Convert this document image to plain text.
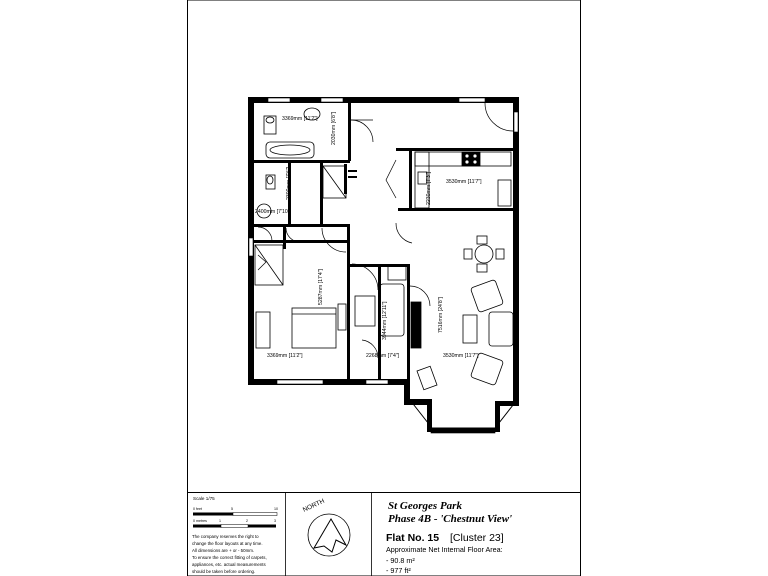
3369mm [11'2"]	2030mm [6'8"]
2300mm [7'6"]
2400mm [7'10"]
3530mm [11'7"]
2230mm [7'3"]
5287mm [17'4"]
3369mm [11'2"]
3944mm [12'11"]
2268mm [7'4"]
7516mm [24'8"]
3530mm [11'7"]
Scale 1/75
0 feet	5	10
0 metres	1	2	3
The company reserves the right to
change the floor layouts at any time.
All dimensions are + or - 50mm.
To ensure the correct fitting of carpets,
appliances, etc. actual measurements
should be taken before ordering.
NORTH	St Georges Park
Phase 4B - 'Chestnut View'
Flat No. 15 [Cluster 23]
Approximate Net Internal Floor Area:
- 90.8 m²
- 977 ft²
